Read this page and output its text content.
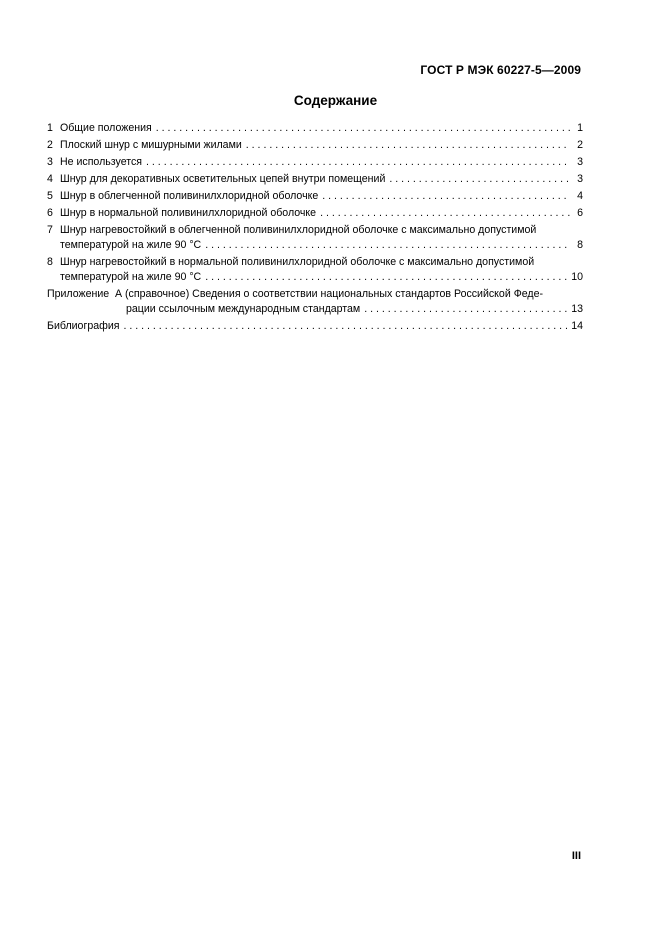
ГОСТ Р МЭК 60227-5—2009
Содержание
1 Общие положения . . .	1
2 Плоский шнур с мишурными жилами . . .	2
3 Не используется . . .	3
4 Шнур для декоративных осветительных цепей внутри помещений . . .	3
5 Шнур в облегченной поливинилхлоридной оболочке . . .	4
6 Шнур в нормальной поливинилхлоридной оболочке . . .	6
7 Шнур нагревостойкий в облегченной поливинилхлоридной оболочке с максимально допустимой
температурой на жиле 90 °С . . .	8
8 Шнур нагревостойкий в нормальной поливинилхлоридной оболочке с максимально допустимой
температурой на жиле 90 °С . . .	10
Приложение  А (справочное) Сведения о соответствии национальных стандартов Российской Феде-
рации ссылочным международным стандартам . . .	13
Библиография . . .	14
III
